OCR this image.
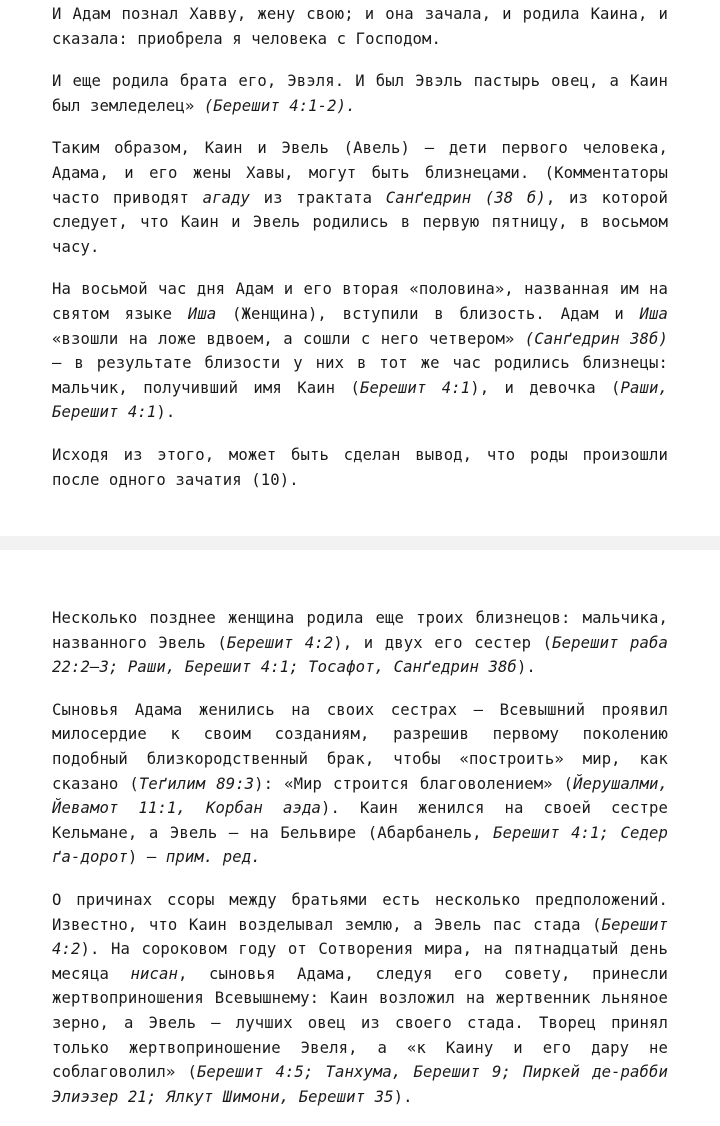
И Адам познал Хавву, жену свою; и она зачала, и родила Каина, и сказала: приобрела я человека с Господом.

И еще родила брата его, Эвэля. И был Эвэль пастырь овец, а Каин был земледелец» (Берешит 4:1-2).

Таким образом, Каин и Эвель (Авель) — дети первого человека, Адама, и его жены Хавы, могут быть близнецами. (Комментаторы часто приводят агаду из трактата Санґедрин (38 б), из которой следует, что Каин и Эвель родились в первую пятницу, в восьмом часу.

На восьмой час дня Адам и его вторая «половина», названная им на святом языке Иша (Женщина), вступили в близость. Адам и Иша «взошли на ложе вдвоем, а сошли с него четвером» (Санґедрин 38б) — в результате близости у них в тот же час родились близнецы: мальчик, получивший имя Каин (Берешит 4:1), и девочка (Раши, Берешит 4:1).

Исходя из этого, может быть сделан вывод, что роды произошли после одного зачатия (10).

Несколько позднее женщина родила еще троих близнецов: мальчика, названного Эвель (Берешит 4:2), и двух его сестер (Берешит раба 22:2—3; Раши, Берешит 4:1; Тосафот, Санґедрин 38б).

Сыновья Адама женились на своих сестрах — Всевышний проявил милосердие к своим созданиям, разрешив первому поколению подобный близкородственный брак, чтобы «построить» мир, как сказано (Теґилим 89:3): «Мир строится благоволением» (Йерушалми, Йевамот 11:1, Корбан аэда). Каин женился на своей сестре Кельмане, а Эвель — на Бельвире (Абарбанель, Берешит 4:1; Седер ґа-дорот) — прим. ред.

О причинах ссоры между братьями есть несколько предположений. Известно, что Каин возделывал землю, а Эвель пас стада (Берешит 4:2). На сороковом году от Сотворения мира, на пятнадцатый день месяца нисан, сыновья Адама, следуя его совету, принесли жертвоприношения Всевышнему: Каин возложил на жертвенник льняное зерно, а Эвель — лучших овец из своего стада. Творец принял только жертвоприношение Эвеля, а «к Каину и его дару не соблаговолил» (Берешит 4:5; Танхума, Берешит 9; Пиркей де-рабби Элиэзер 21; Ялкут Шимони, Берешит 35).
